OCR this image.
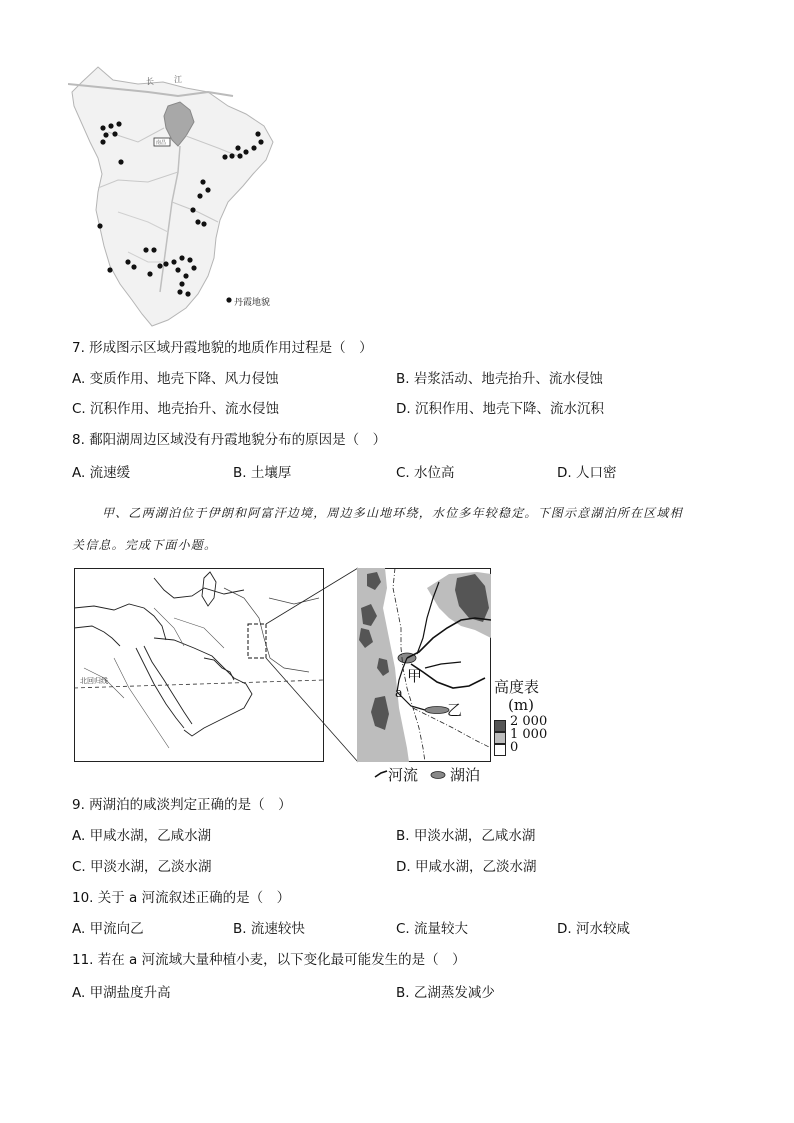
长	江
南昌
丹霞地貌
7. 形成图示区域丹霞地貌的地质作用过程是（　）
A. 变质作用、地壳下降、风力侵蚀	B. 岩浆活动、地壳抬升、流水侵蚀
C. 沉积作用、地壳抬升、流水侵蚀	D. 沉积作用、地壳下降、流水沉积
8. 鄱阳湖周边区域没有丹霞地貌分布的原因是（　）
A. 流速缓	B. 土壤厚	C. 水位高	D. 人口密
甲、乙两湖泊位于伊朗和阿富汗边境，周边多山地环绕，水位多年较稳定。下图示意湖泊所在区域相
关信息。完成下面小题。
北回归线	甲
乙
a	高度表
(m)
2 000
1 000
0
河流 湖泊
9. 两湖泊的咸淡判定正确的是（　）
A. 甲咸水湖，乙咸水湖	B. 甲淡水湖，乙咸水湖
C. 甲淡水湖，乙淡水湖	D. 甲咸水湖，乙淡水湖
10. 关于 a 河流叙述正确的是（　）
A. 甲流向乙	B. 流速较快	C. 流量较大	D. 河水较咸
11. 若在 a 河流域大量种植小麦，以下变化最可能发生的是（　）
A. 甲湖盐度升高	B. 乙湖蒸发减少
